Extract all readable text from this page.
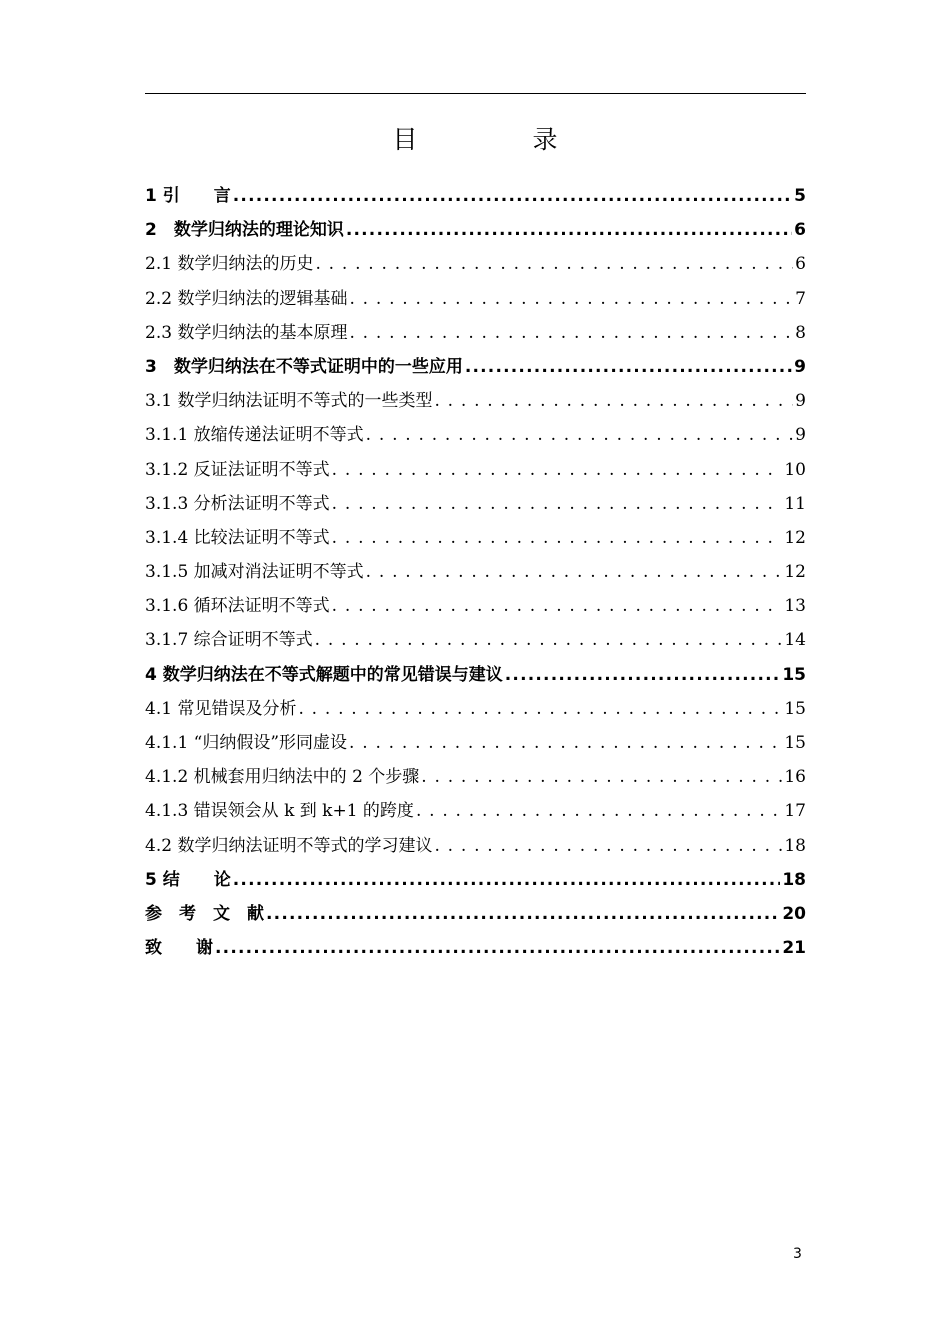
目　录
1 引　　言 .....	5
2　数学归纳法的理论知识 .....	6
2.1 数学归纳法的历史 . . .	6
2.2 数学归纳法的逻辑基础 . . .	7
2.3 数学归纳法的基本原理 . . .	8
3　数学归纳法在不等式证明中的一些应用 .....	9
3.1 数学归纳法证明不等式的一些类型 . . .	9
3.1.1 放缩传递法证明不等式 . . .	9
3.1.2 反证法证明不等式 . . .	10
3.1.3 分析法证明不等式 . . .	11
3.1.4 比较法证明不等式 . . .	12
3.1.5 加减对消法证明不等式 . . .	12
3.1.6 循环法证明不等式 . . .	13
3.1.7 综合证明不等式 . . .	14
4 数学归纳法在不等式解题中的常见错误与建议 .....	15
4.1 常见错误及分析 . . .	15
4.1.1 “归纳假设”形同虚设 . . .	15
4.1.2 机械套用归纳法中的 2 个步骤 . . .	16
4.1.3 错误领会从 k 到 k+1 的跨度 . . .	17
4.2 数学归纳法证明不等式的学习建议 . . .	18
5 结　　论 .....	18
参　考　文　献 .....	20
致　　谢 .....	21
3
